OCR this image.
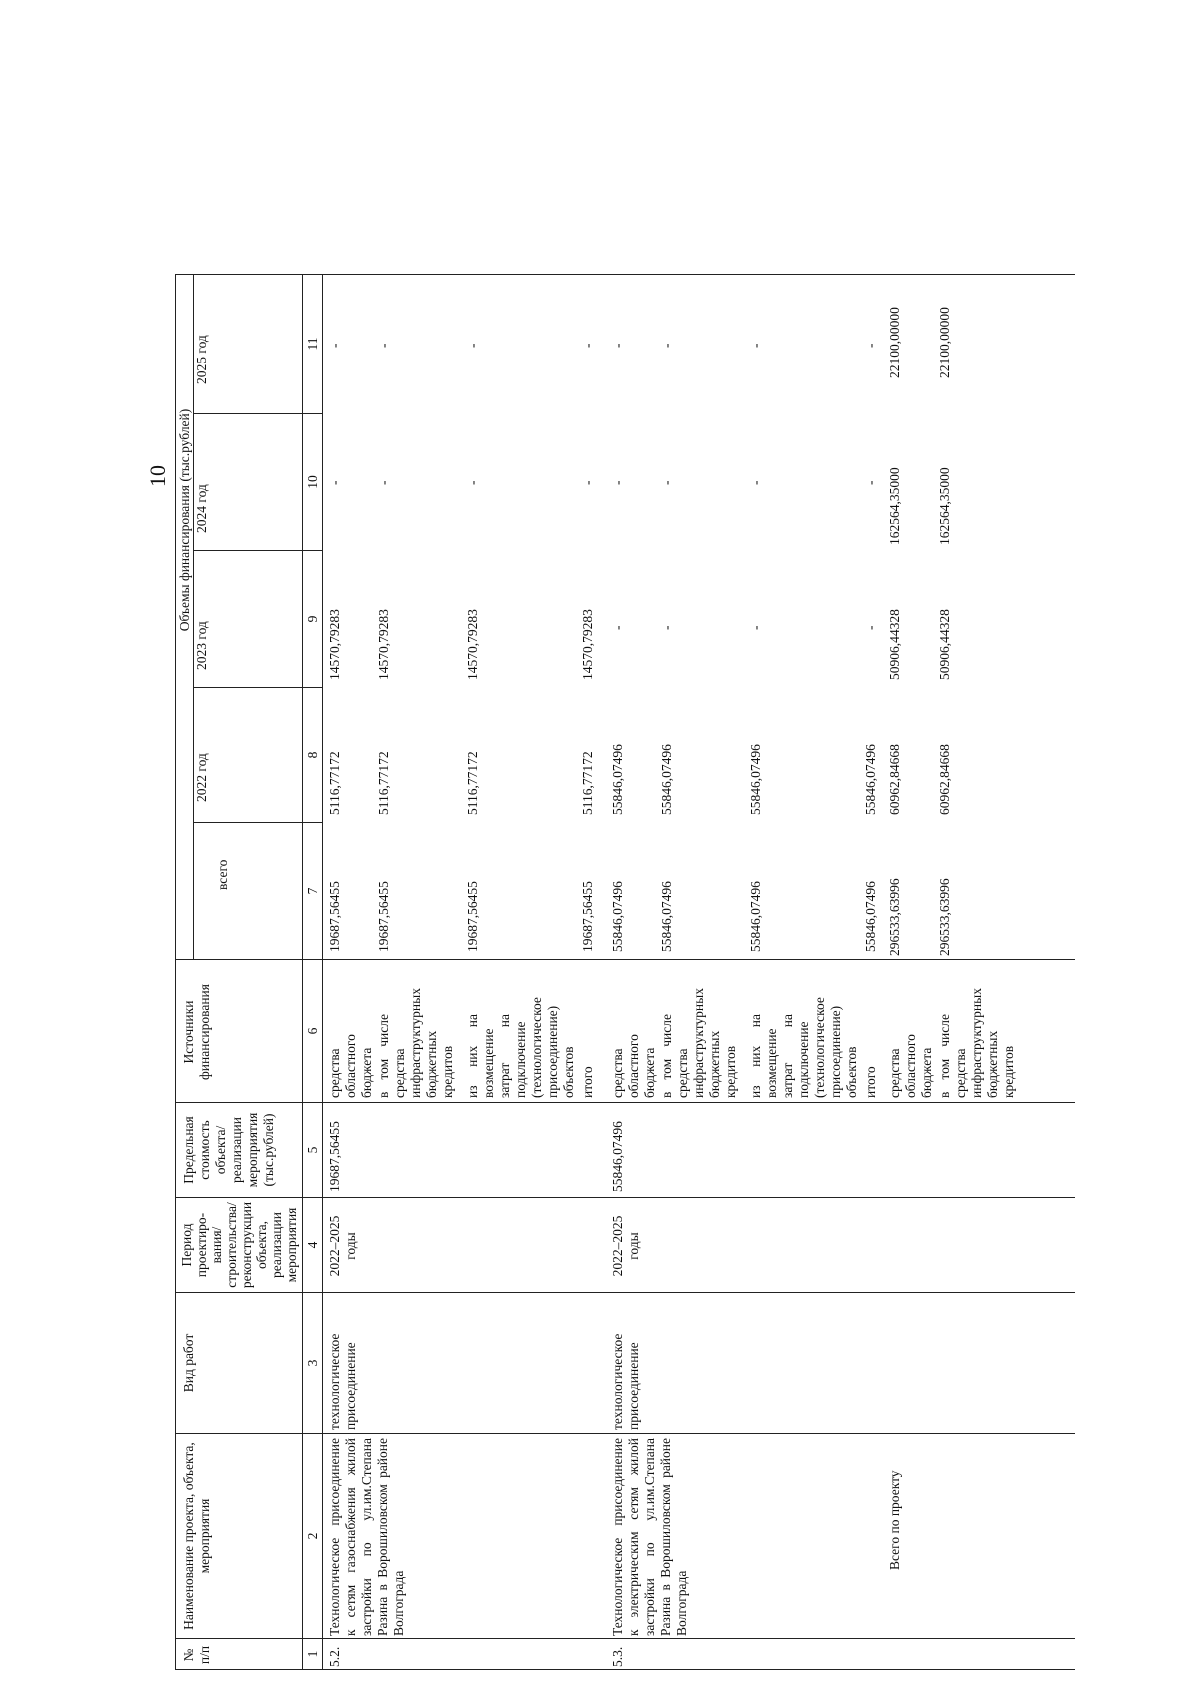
10
№ п/п
Наименование проекта, объекта, мероприятия
Вид работ
Период проектиро-вания/ строительства/ реконструкции объекта, реализации мероприятия
Предельная стоимость объекта/ реализации мероприятия (тыс.рублей)
Источники финансирования
Объемы финансирования (тыс.рублей)
всего
2022 год
2023 год
2024 год
2025 год
1
2
3
4
5
6
7
8
9
10
11
5.2.
Технологическое присоединение к сетям газоснабжения жилой застройки по ул.им.Степана Разина в Ворошиловском районе Волгограда
технологическое присоединение
2022–2025 годы
19687,56455
средства областного бюджета
19687,56455
5116,77172
14570,79283
-
-
в том числе средства инфраструктурных бюджетных кредитов
19687,56455
5116,77172
14570,79283
-
-
из них на возмещение затрат на подключение (технологическое присоединение) объектов
19687,56455
5116,77172
14570,79283
-
-
итого
19687,56455
5116,77172
14570,79283
-
-
5.3.
Технологическое присоединение к электрическим сетям жилой застройки по ул.им.Степана Разина в Ворошиловском районе Волгограда
технологическое присоединение
2022–2025 годы
55846,07496
средства областного бюджета
55846,07496
55846,07496
-
-
-
в том числе средства инфраструктурных бюджетных кредитов
55846,07496
55846,07496
-
-
-
из них на возмещение затрат на подключение (технологическое присоединение) объектов
55846,07496
55846,07496
-
-
-
итого
55846,07496
55846,07496
-
-
-
Всего по проекту
средства областного бюджета
296533,63996
60962,84668
50906,44328
162564,35000
22100,00000
в том числе средства инфраструктурных бюджетных кредитов
296533,63996
60962,84668
50906,44328
162564,35000
22100,00000
